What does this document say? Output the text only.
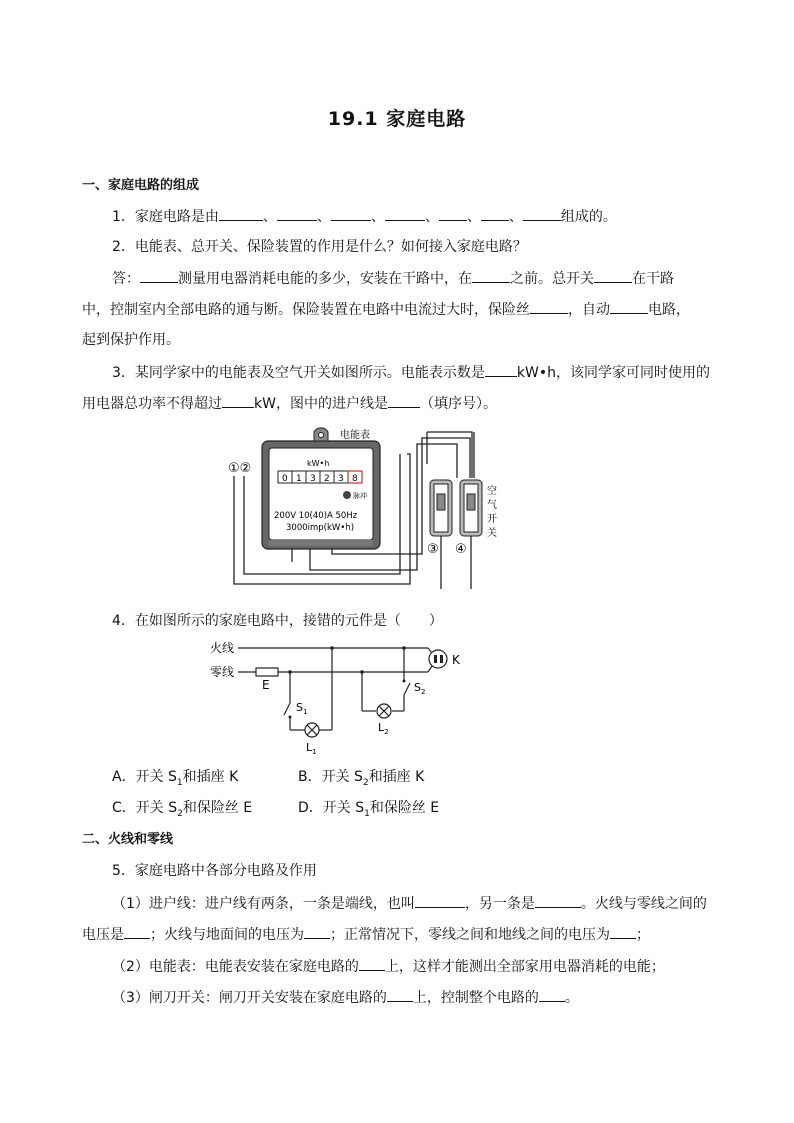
19.1 家庭电路
一、家庭电路的组成
1．家庭电路是由	、	、	、	、 、 、	组成的。
2．电能表、总开关、保险装置的作用是什么？如何接入家庭电路？
答：	测量用电器消耗电能的多少，安装在干路中，在	之前。总开关	在干路
中，控制室内全部电路的通与断。保险装置在电路中电流过大时，保险丝	，自动	电路，
起到保护作用。
3．某同学家中的电能表及空气开关如图所示。电能表示数是 kW•h，该同学家可同时使用的
用电器总功率不得超过 kW，图中的进户线是 （填序号）。
电能表
kW•h
0 1 3 2 3 8
脉冲
200V 10(40)A 50Hz
3000imp(kW•h)
①②
③ ④
空
气
开
关
4．在如图所示的家庭电路中，接错的元件是（　　）
火线
零线
E
K
$S_1$
$L_1$
$S_2$
$L_2$
A．开关 $S_1$和插座 K	B．开关 $S_2$和插座 K
C．开关 $S_2$和保险丝 E	D．开关 $S_1$和保险丝 E
二、火线和零线
5．家庭电路中各部分电路及作用
（1）进户线：进户线有两条，一条是端线，也叫	，另一条是	。火线与零线之间的
电压是 ；火线与地面间的电压为 ；正常情况下，零线之间和地线之间的电压为 ；
（2）电能表：电能表安装在家庭电路的 上，这样才能测出全部家用电器消耗的电能；
（3）闸刀开关：闸刀开关安装在家庭电路的 上，控制整个电路的 。
